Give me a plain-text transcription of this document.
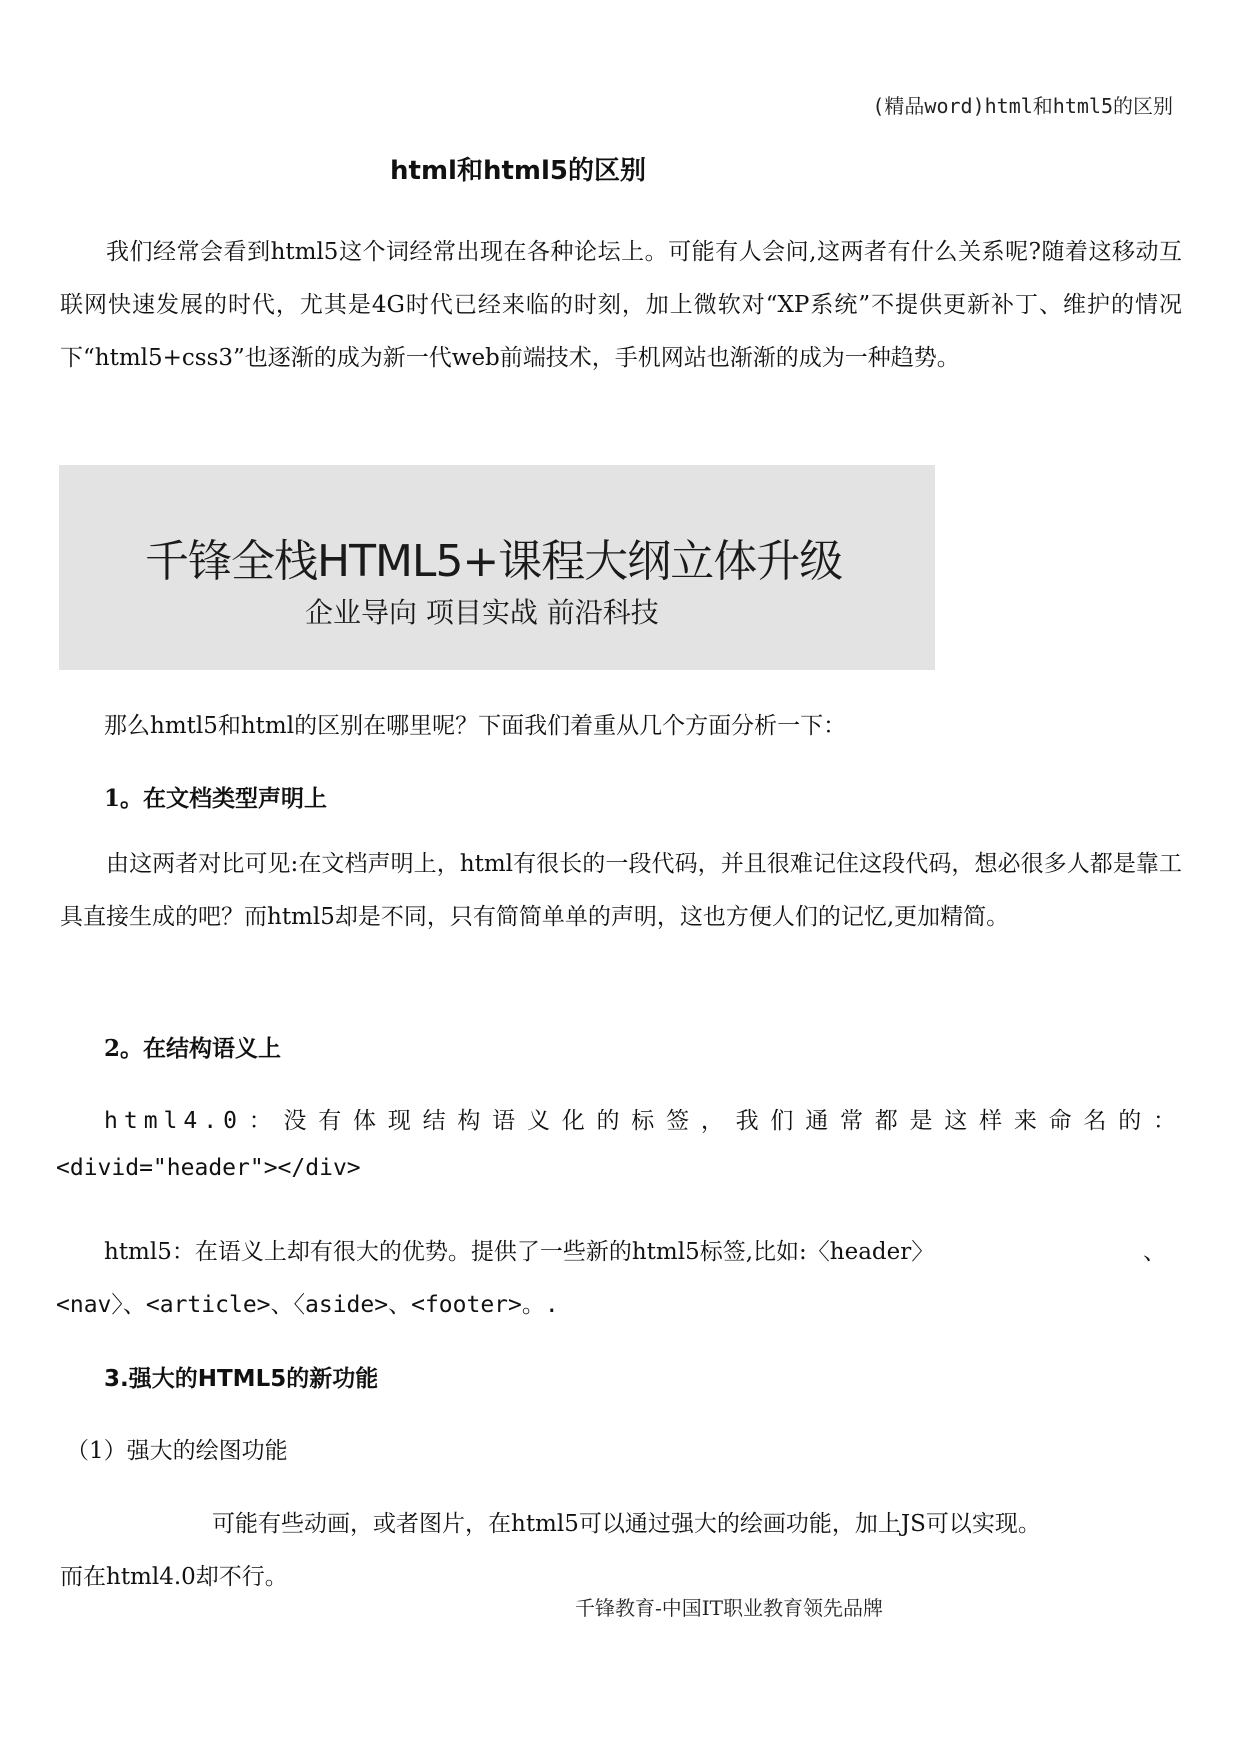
(精品word)html和html5的区别
html和html5的区别

我们经常会看到html5这个词经常出现在各种论坛上。可能有人会问,这两者有什么关系呢?随着这移动互联网快速发展的时代，尤其是4G时代已经来临的时刻，加上微软对“XP系统”不提供更新补丁、维护的情况下“html5+css3”也逐渐的成为新一代web前端技术，手机网站也渐渐的成为一种趋势。

千锋全栈HTML5+课程大纲立体升级
企业导向 项目实战 前沿科技

那么hmtl5和html的区别在哪里呢？下面我们着重从几个方面分析一下：

1。在文档类型声明上

由这两者对比可见:在文档声明上，html有很长的一段代码，并且很难记住这段代码，想必很多人都是靠工具直接生成的吧？而html5却是不同，只有简简单单的声明，这也方便人们的记忆,更加精简。

2。在结构语义上

html4.0：没有体现结构语义化的标签，我们通常都是这样来命名的：

<divid="header"></div>

html5：在语义上却有很大的优势。提供了一些新的html5标签,比如:〈header〉	、

<nav〉、<article>、〈aside>、<footer>。.

3.强大的HTML5的新功能

（1）强大的绘图功能

可能有些动画，或者图片，在html5可以通过强大的绘画功能，加上JS可以实现。

而在html4.0却不行。

千锋教育-中国IT职业教育领先品牌
